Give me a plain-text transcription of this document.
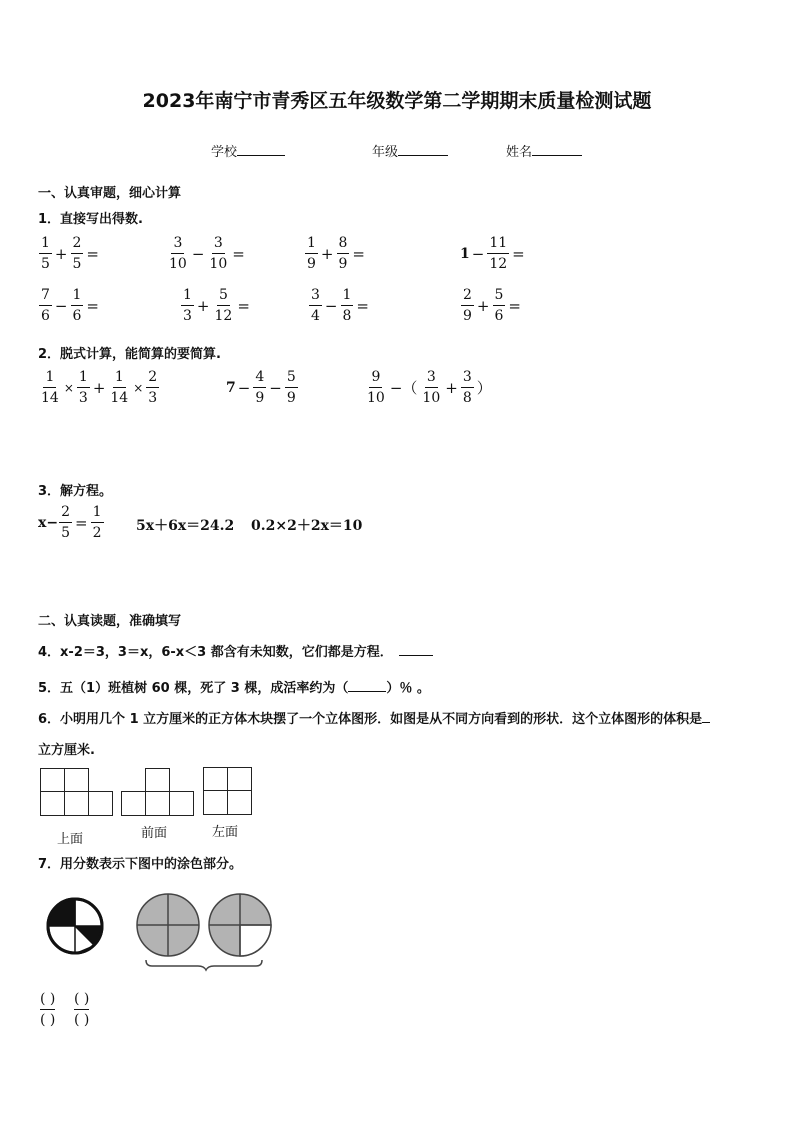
2023年南宁市青秀区五年级数学第二学期期末质量检测试题
学校	年级	姓名
一、认真审题，细心计算
1．直接写出得数.
$\frac{1}{5} + \frac{2}{5}$ =	$\frac{3}{10} - \frac{3}{10}$ =	$\frac{1}{9} + \frac{8}{9}$ =	$1 - \frac{11}{12}$ =
$\frac{7}{6} - \frac{1}{6}$ =	$\frac{1}{3} + \frac{5}{12}$ =	$\frac{3}{4} - \frac{1}{8}$ =	$\frac{2}{9} + \frac{5}{6}$ =
2．脱式计算，能简算的要简算.
$\frac{1}{14} \times \frac{1}{3} + \frac{1}{14} \times \frac{2}{3}$	$7 - \frac{4}{9} - \frac{5}{9}$	$\frac{9}{10}$ −（ $\frac{3}{10} + \frac{3}{8}$ ）
3．解方程。
$x- \frac{2}{5} = \frac{1}{2} 5x+6x=24.2$ 0.2×2＋2x＝10
二、认真读题，准确填写
4．x-2＝3，3＝x，6-x＜3 都含有未知数，它们都是方程．
5．五（1）班植树 60 棵，死了 3 棵，成活率约为（	）％ 。
6．小明用几个 1 立方厘米的正方体木块摆了一个立体图形．如图是从不同方向看到的形状．这个立体图形的体积是
立方厘米.
上面	前面	左面
7．用分数表示下图中的涂色部分。
( )
( )
( )
( )
